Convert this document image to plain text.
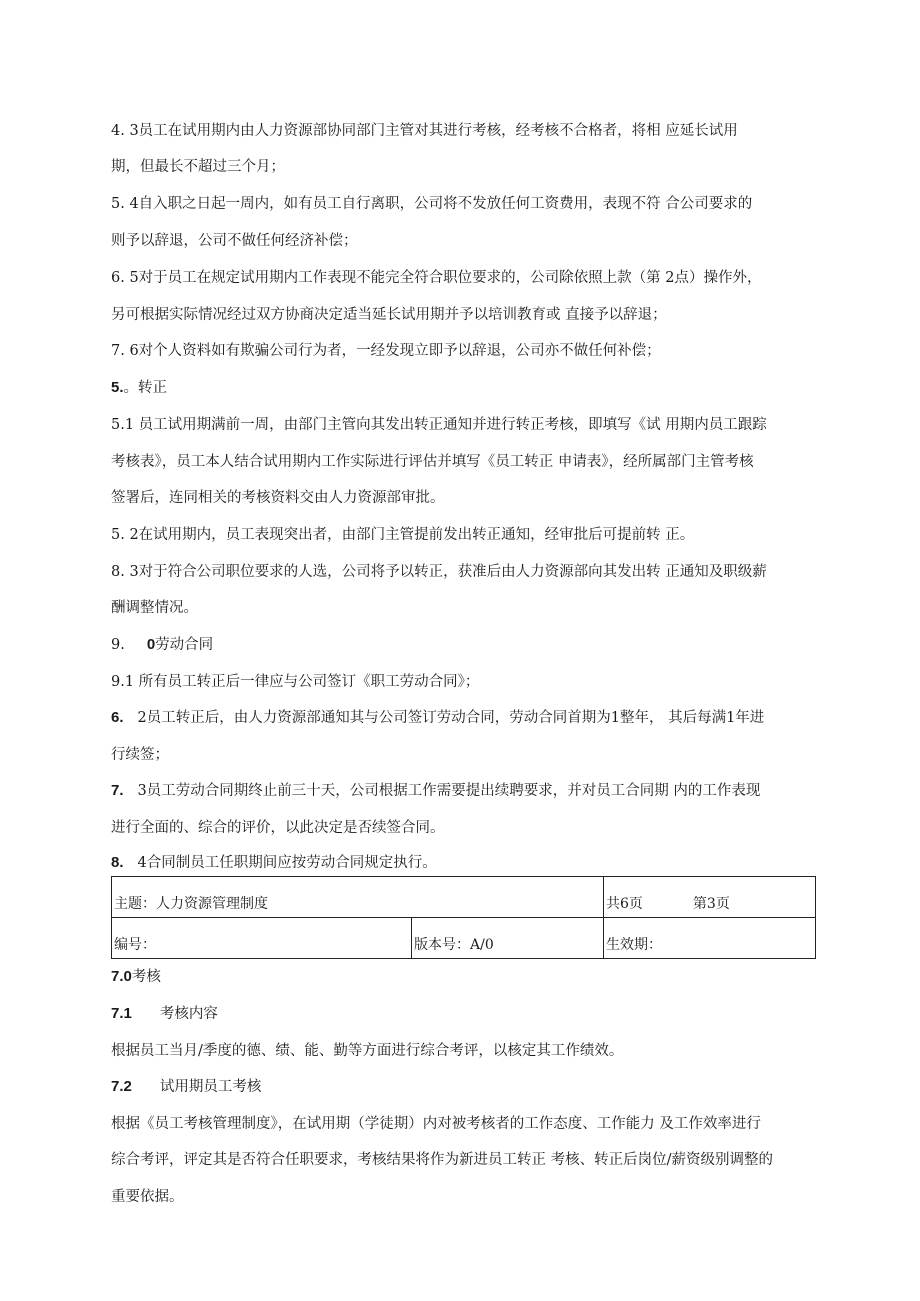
4. 3员工在试用期内由人力资源部协同部门主管对其进行考核，经考核不合格者，将相 应延长试用

期，但最长不超过三个月；

5. 4自入职之日起一周内，如有员工自行离职，公司将不发放任何工资费用，表现不符 合公司要求的

则予以辞退，公司不做任何经济补偿；

6. 5对于员工在规定试用期内工作表现不能完全符合职位要求的，公司除依照上款（第 2点）操作外，

另可根据实际情况经过双方协商决定适当延长试用期并予以培训教育或 直接予以辞退；

7. 6对个人资料如有欺骗公司行为者，一经发现立即予以辞退，公司亦不做任何补偿；

5.。转正

5.1 员工试用期满前一周，由部门主管向其发出转正通知并进行转正考核，即填写《试 用期内员工跟踪

考核表》，员工本人结合试用期内工作实际进行评估并填写《员工转正 申请表》，经所属部门主管考核

签署后，连同相关的考核资料交由人力资源部审批。

5. 2在试用期内，员工表现突出者，由部门主管提前发出转正通知，经审批后可提前转 正。

8. 3对于符合公司职位要求的人选，公司将予以转正，获准后由人力资源部向其发出转 正通知及职级薪

酬调整情况。

9. 0劳动合同

9.1 所有员工转正后一律应与公司签订《职工劳动合同》；

6. 2员工转正后，由人力资源部通知其与公司签订劳动合同，劳动合同首期为1整年， 其后每满1年进

行续签；

7. 3员工劳动合同期终止前三十天，公司根据工作需要提出续聘要求，并对员工合同期 内的工作表现

进行全面的、综合的评价，以此决定是否续签合同。

8. 4合同制员工任职期间应按劳动合同规定执行。

主题：人力资源管理制度		共6页 第3页
编号：	版本号：A/0	生效期：

7.0考核

7.1 考核内容

根据员工当月/季度的德、绩、能、勤等方面进行综合考评，以核定其工作绩效。

7.2 试用期员工考核

根据《员工考核管理制度》，在试用期（学徒期）内对被考核者的工作态度、工作能力 及工作效率进行

综合考评，评定其是否符合任职要求，考核结果将作为新进员工转正 考核、转正后岗位/薪资级别调整的

重要依据。
